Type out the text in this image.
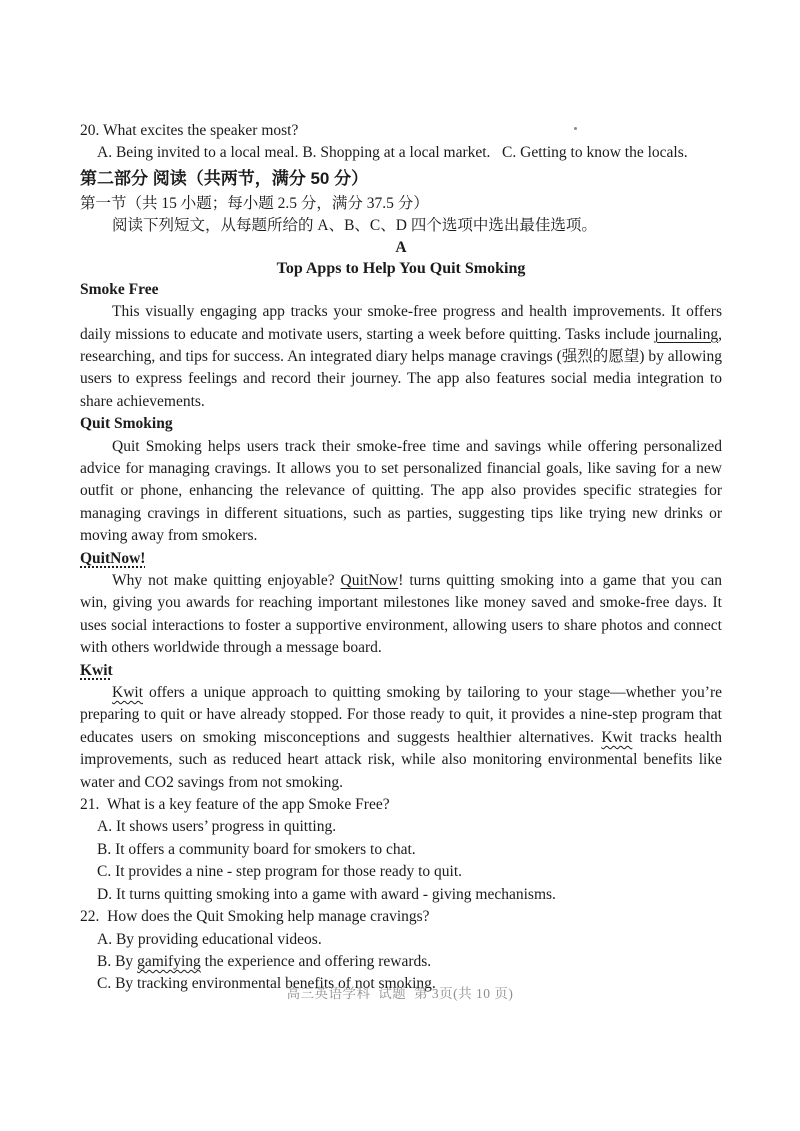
20. What excites the speaker most?
A. Being invited to a local meal. B. Shopping at a local market.   C. Getting to know the locals.
第二部分 阅读（共两节，满分 50 分）
第一节（共 15 小题；每小题 2.5 分，满分 37.5 分）
阅读下列短文，从每题所给的 A、B、C、D 四个选项中选出最佳选项。
A
Top Apps to Help You Quit Smoking
Smoke Free

This visually engaging app tracks your smoke-free progress and health improvements. It offers daily missions to educate and motivate users, starting a week before quitting. Tasks include journaling, researching, and tips for success. An integrated diary helps manage cravings (强烈的愿望) by allowing users to express feelings and record their journey. The app also features social media integration to share achievements.

Quit Smoking

Quit Smoking helps users track their smoke-free time and savings while offering personalized advice for managing cravings. It allows you to set personalized financial goals, like saving for a new outfit or phone, enhancing the relevance of quitting. The app also provides specific strategies for managing cravings in different situations, such as parties, suggesting tips like trying new drinks or moving away from smokers.

QuitNow!

Why not make quitting enjoyable? QuitNow! turns quitting smoking into a game that you can win, giving you awards for reaching important milestones like money saved and smoke-free days. It uses social interactions to foster a supportive environment, allowing users to share photos and connect with others worldwide through a message board.

Kwit

Kwit offers a unique approach to quitting smoking by tailoring to your stage—whether you’re preparing to quit or have already stopped. For those ready to quit, it provides a nine-step program that educates users on smoking misconceptions and suggests healthier alternatives. Kwit tracks health improvements, such as reduced heart attack risk, while also monitoring environmental benefits like water and CO2 savings from not smoking.

21.  What is a key feature of the app Smoke Free?
A. It shows users’ progress in quitting.
B. It offers a community board for smokers to chat.
C. It provides a nine - step program for those ready to quit.
D. It turns quitting smoking into a game with award - giving mechanisms.
22.  How does the Quit Smoking help manage cravings?
A. By providing educational videos.
B. By gamifying the experience and offering rewards.
C. By tracking environmental benefits of not smoking.
高三英语学科  试题  第 3页(共 10 页)
